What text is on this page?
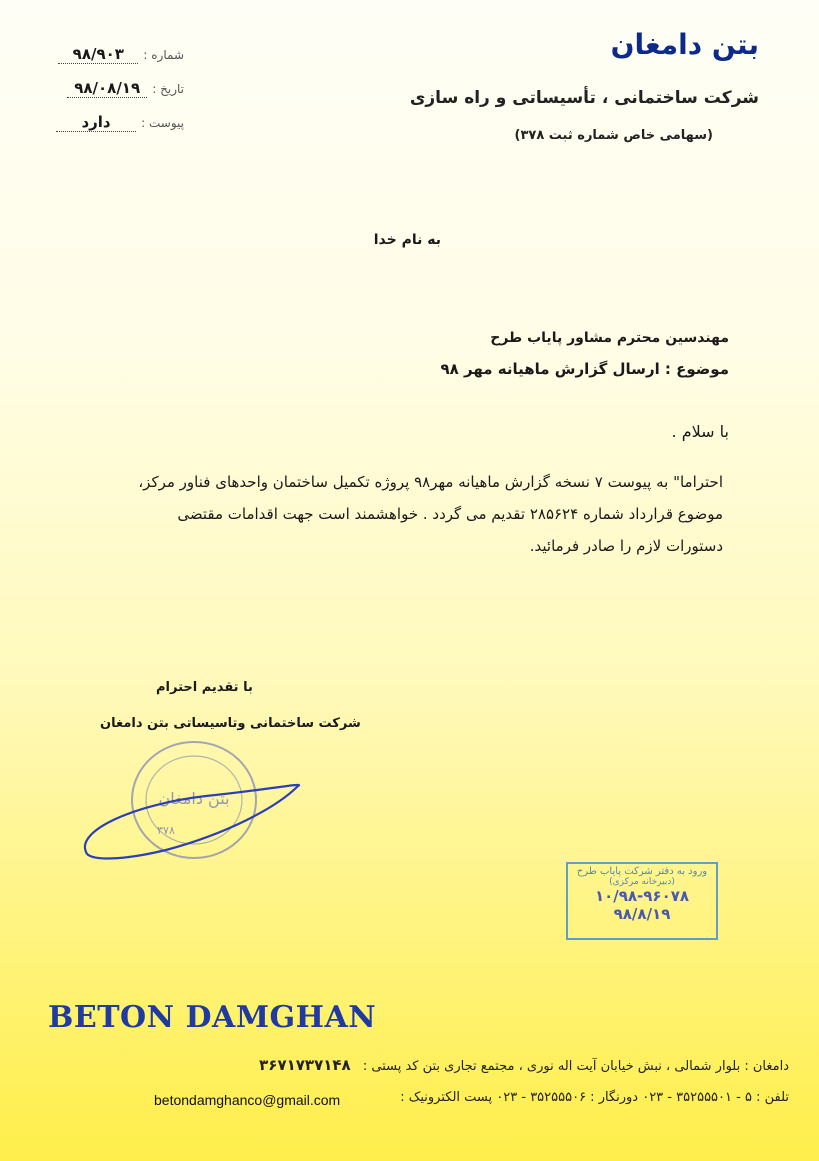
شماره : ۹۸/۹۰۳
تاریخ : ۹۸/۰۸/۱۹
پیوست : دارد
بتن دامغان
شرکت ساختمانی ، تأسیساتی و راه سازی
(سهامی خاص شماره ثبت ۳۷۸)
به نام خدا
مهندسین محترم مشاور پایاب طرح
موضوع : ارسال گزارش ماهیانه مهر ۹۸
با سلام .
احتراما" به پیوست ۷ نسخه گزارش ماهیانه مهر۹۸ پروژه تکمیل ساختمان واحدهای فناور مرکز،
موضوع قرارداد شماره ۲۸۵۶۲۴ تقدیم می گردد . خواهشمند است جهت اقدامات مقتضی
دستورات لازم را صادر فرمائید.
با تقدیم احترام
شرکت ساختمانی وتاسیساتی بتن دامغان
بتن دامغان
۳۷۸
ورود به دفتر شرکت پایاب طرح
(دبیرخانه مرکزی)
۱۰/۹۸-۹۶۰۷۸
۹۸/۸/۱۹
BETON DAMGHAN
دامغان : بلوار شمالی ، نبش خیابان آیت اله نوری ، مجتمع تجاری بتن کد پستی : ۳۶۷۱۷۳۷۱۴۸
تلفن : ۵ - ۳۵۲۵۵۵۰۱ - ۰۲۳ دورنگار : ۳۵۲۵۵۵۰۶ - ۰۲۳ پست الکترونیک :
betondamghanco@gmail.com
